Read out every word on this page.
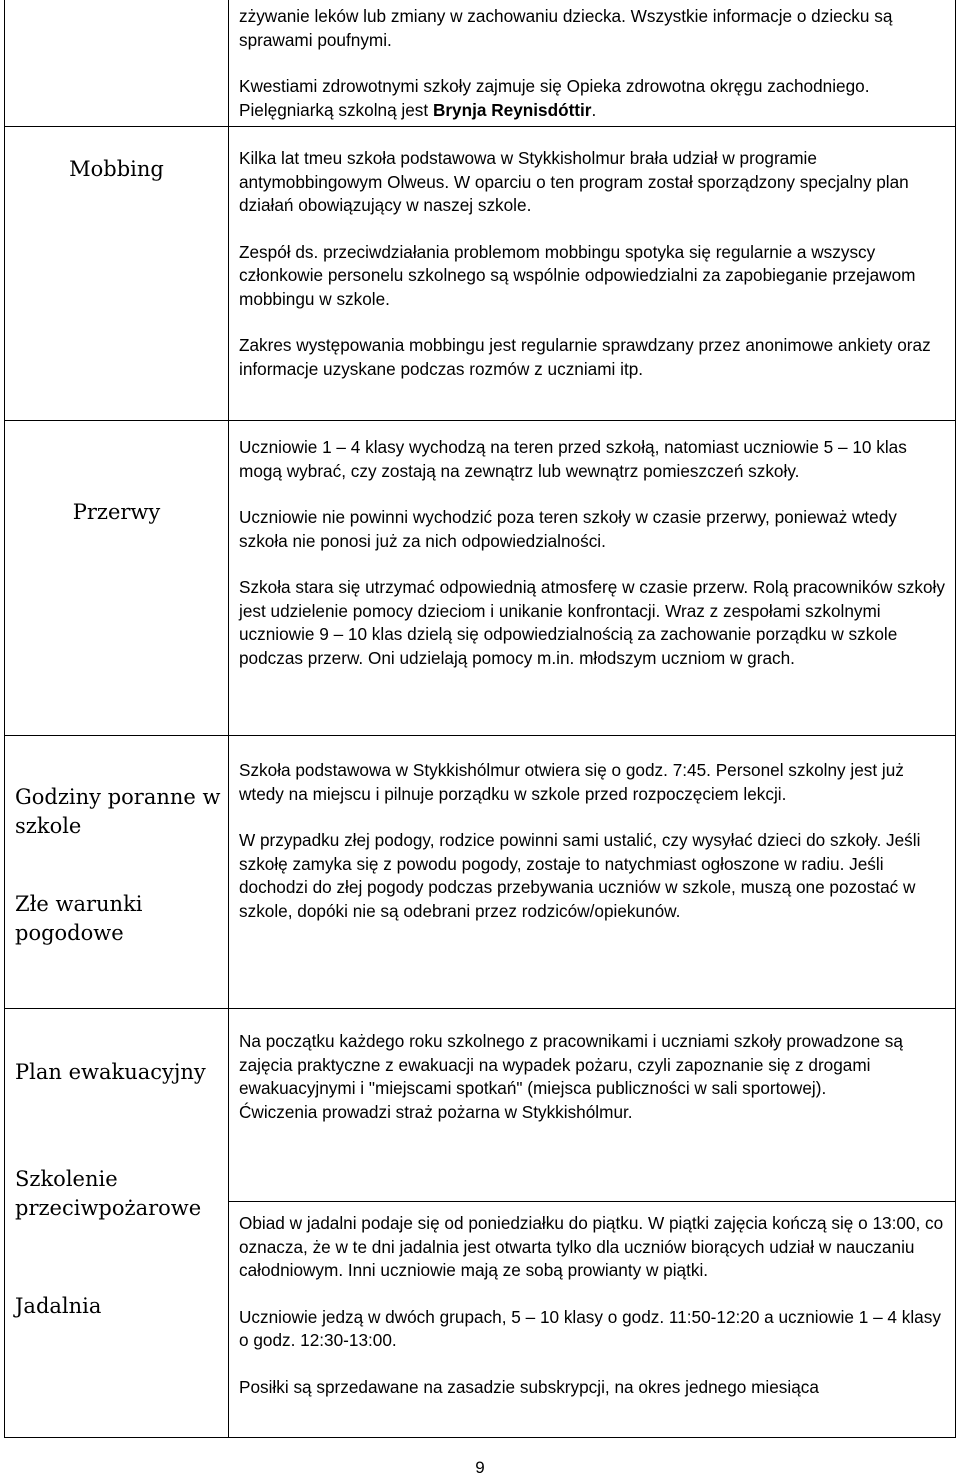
zżywanie leków lub zmiany w zachowaniu dziecka. Wszystkie informacje o dziecku są sprawami poufnymi.

Kwestiami zdrowotnymi szkoły zajmuje się Opieka zdrowotna okręgu zachodniego. Pielęgniarką szkolną jest Brynja Reynisdóttir.

Mobbing	Kilka lat tmeu szkoła podstawowa w Stykkisholmur brała udział w programie antymobbingowym Olweus. W oparciu o ten program został sporządzony specjalny plan działań obowiązujący w naszej szkole.

Zespół ds. przeciwdziałania problemom mobbingu spotyka się regularnie a wszyscy członkowie personelu szkolnego są wspólnie odpowiedzialni za zapobieganie przejawom mobbingu w szkole.

Zakres występowania mobbingu jest regularnie sprawdzany przez anonimowe ankiety oraz informacje uzyskane podczas rozmów z uczniami itp.

Przerwy

Uczniowie 1 – 4 klasy wychodzą na teren przed szkołą, natomiast uczniowie 5 – 10 klas mogą wybrać, czy zostają na zewnątrz lub wewnątrz pomieszczeń szkoły.

Uczniowie nie powinni wychodzić poza teren szkoły w czasie przerwy, ponieważ wtedy szkoła nie ponosi już za nich odpowiedzialności.

Szkoła stara się utrzymać odpowiednią atmosferę w czasie przerw. Rolą pracowników szkoły jest udzielenie pomocy dzieciom i unikanie konfrontacji. Wraz z zespołami szkolnymi uczniowie 9 – 10 klas dzielą się odpowiedzialnością za zachowanie porządku w szkole podczas przerw. Oni udzielają pomocy m.in. młodszym uczniom w grach.

Godziny poranne w szkole
Złe warunki pogodowe

Szkoła podstawowa w Stykkishólmur otwiera się o godz. 7:45. Personel szkolny jest już wtedy na miejscu i pilnuje porządku w szkole przed rozpoczęciem lekcji.

W przypadku złej podogy, rodzice powinni sami ustalić, czy wysyłać dzieci do szkoły. Jeśli szkołę zamyka się z powodu pogody, zostaje to natychmiast ogłoszone w radiu. Jeśli dochodzi do złej pogody podczas przebywania uczniów w szkole, muszą one pozostać w szkole, dopóki nie są odebrani przez rodziców/opiekunów.

Plan ewakuacyjny
Szkolenie przeciwpożarowe
Jadalnia

Na początku każdego roku szkolnego z pracownikami i uczniami szkoły prowadzone są zajęcia praktyczne z ewakuacji na wypadek pożaru, czyli zapoznanie się z drogami ewakuacyjnymi i "miejscami spotkań" (miejsca publiczności w sali sportowej).

Ćwiczenia prowadzi straż pożarna w Stykkishólmur.

Obiad w jadalni podaje się od poniedziałku do piątku. W piątki zajęcia kończą się o 13:00, co oznacza, że w te dni jadalnia jest otwarta tylko dla uczniów biorących udział w nauczaniu całodniowym. Inni uczniowie mają ze sobą prowianty w piątki.

Uczniowie jedzą w dwóch grupach, 5 – 10 klasy o godz. 11:50-12:20 a uczniowie 1 – 4 klasy o godz. 12:30-13:00.

Posiłki są sprzedawane na zasadzie subskrypcji, na okres jednego miesiąca

9
